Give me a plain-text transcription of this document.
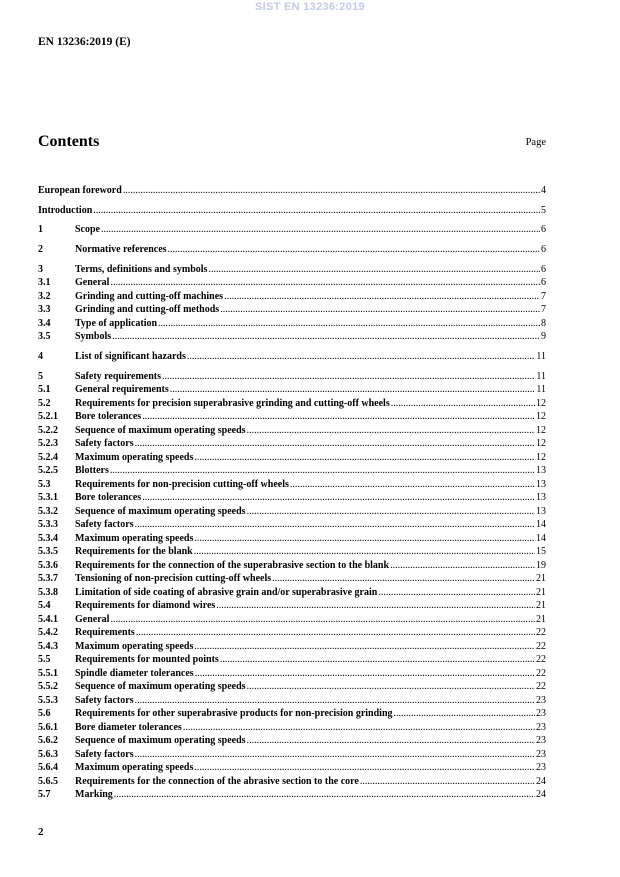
SIST EN 13236:2019
EN 13236:2019 (E)
Contents	Page
European foreword .....	4
Introduction .....	5
1	Scope .....	6
2	Normative references .....	6
3	Terms, definitions and symbols .....	6
3.1	General .....	6
3.2	Grinding and cutting-off machines .....	7
3.3	Grinding and cutting-off methods .....	7
3.4	Type of application .....	8
3.5	Symbols .....	9
4	List of significant hazards .....	11
5	Safety requirements .....	11
5.1	General requirements .....	11
5.2	Requirements for precision superabrasive grinding and cutting-off wheels .....	12
5.2.1	Bore tolerances .....	12
5.2.2	Sequence of maximum operating speeds .....	12
5.2.3	Safety factors .....	12
5.2.4	Maximum operating speeds .....	12
5.2.5	Blotters .....	13
5.3	Requirements for non-precision cutting-off wheels .....	13
5.3.1	Bore tolerances .....	13
5.3.2	Sequence of maximum operating speeds .....	13
5.3.3	Safety factors .....	14
5.3.4	Maximum operating speeds .....	14
5.3.5	Requirements for the blank .....	15
5.3.6	Requirements for the connection of the superabrasive section to the blank .....	19
5.3.7	Tensioning of non-precision cutting-off wheels .....	21
5.3.8	Limitation of side coating of abrasive grain and/or superabrasive grain .....	21
5.4	Requirements for diamond wires .....	21
5.4.1	General .....	21
5.4.2	Requirements .....	22
5.4.3	Maximum operating speeds .....	22
5.5	Requirements for mounted points .....	22
5.5.1	Spindle diameter tolerances .....	22
5.5.2	Sequence of maximum operating speeds .....	22
5.5.3	Safety factors .....	23
5.6	Requirements for other superabrasive products for non-precision grinding .....	23
5.6.1	Bore diameter tolerances .....	23
5.6.2	Sequence of maximum operating speeds .....	23
5.6.3	Safety factors .....	23
5.6.4	Maximum operating speeds .....	23
5.6.5	Requirements for the connection of the abrasive section to the core .....	24
5.7	Marking .....	24
2
